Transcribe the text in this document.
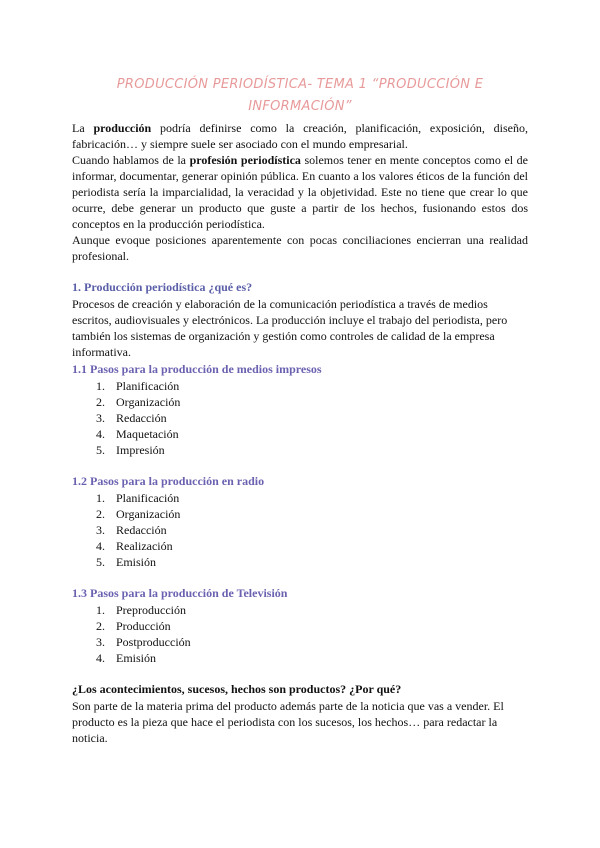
PRODUCCIÓN PERIODÍSTICA- TEMA 1 “PRODUCCIÓN E INFORMACIÓN”

La producción podría definirse como la creación, planificación, exposición, diseño, fabricación… y siempre suele ser asociado con el mundo empresarial.

Cuando hablamos de la profesión periodística solemos tener en mente conceptos como el de informar, documentar, generar opinión pública. En cuanto a los valores éticos de la función del periodista sería la imparcialidad, la veracidad y la objetividad. Este no tiene que crear lo que ocurre, debe generar un producto que guste a partir de los hechos, fusionando estos dos conceptos en la producción periodística.

Aunque evoque posiciones aparentemente con pocas conciliaciones encierran una realidad profesional.

1. Producción periodística ¿qué es?

Procesos de creación y elaboración de la comunicación periodística a través de medios escritos, audiovisuales y electrónicos. La producción incluye el trabajo del periodista, pero también los sistemas de organización y gestión como controles de calidad de la empresa informativa.

1.1 Pasos para la producción de medios impresos
1. Planificación
2. Organización
3. Redacción
4. Maquetación
5. Impresión
1.2 Pasos para la producción en radio
1. Planificación
2. Organización
3. Redacción
4. Realización
5. Emisión
1.3 Pasos para la producción de Televisión
1. Preproducción
2. Producción
3. Postproducción
4. Emisión
¿Los acontecimientos, sucesos, hechos son productos? ¿Por qué?

Son parte de la materia prima del producto además parte de la noticia que vas a vender. El producto es la pieza que hace el periodista con los sucesos, los hechos… para redactar la noticia.
